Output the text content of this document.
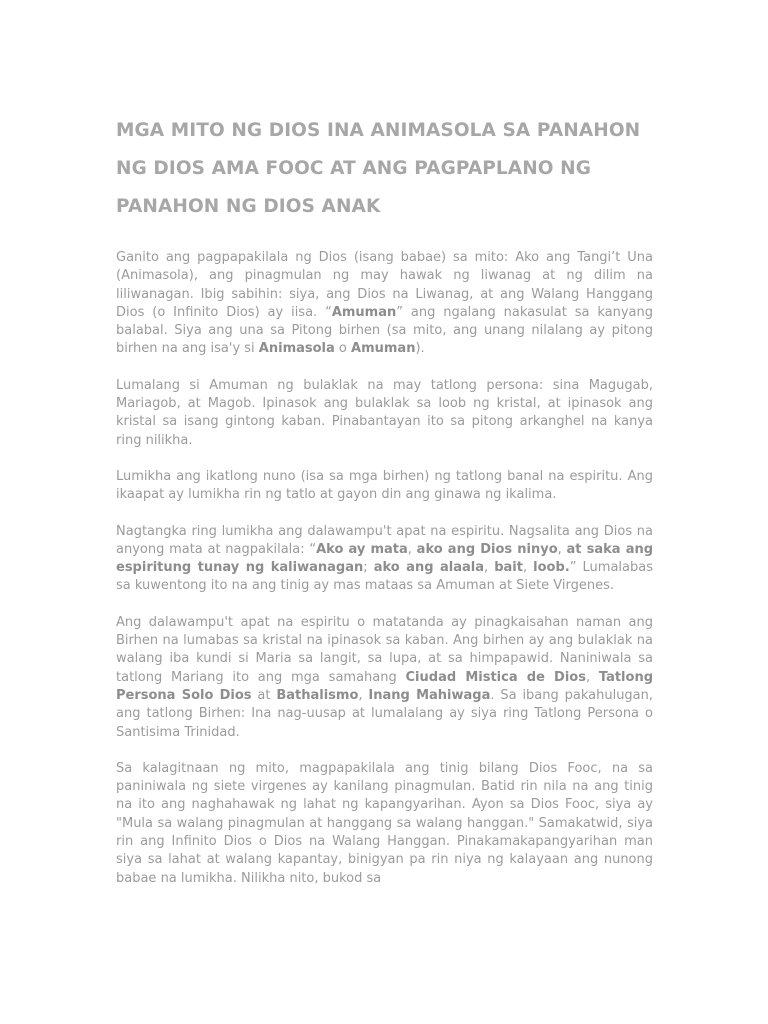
MGA MITO NG DIOS INA ANIMASOLA SA PANAHON NG DIOS AMA FOOC AT ANG PAGPAPLANO NG PANAHON NG DIOS ANAK

Ganito ang pagpapakilala ng Dios (isang babae) sa mito: Ako ang Tangi’t Una (Animasola), ang pinagmulan ng may hawak ng liwanag at ng dilim na liliwanagan. Ibig sabihin: siya, ang Dios na Liwanag, at ang Walang Hanggang Dios (o Infinito Dios) ay iisa. “Amuman” ang ngalang nakasulat sa kanyang balabal. Siya ang una sa Pitong birhen (sa mito, ang unang nilalang ay pitong birhen na ang isa'y si Animasola o Amuman).

Lumalang si Amuman ng bulaklak na may tatlong persona: sina Magugab, Mariagob, at Magob. Ipinasok ang bulaklak sa loob ng kristal, at ipinasok ang kristal sa isang gintong kaban. Pinabantayan ito sa pitong arkanghel na kanya ring nilikha.

Lumikha ang ikatlong nuno (isa sa mga birhen) ng tatlong banal na espiritu. Ang ikaapat ay lumikha rin ng tatlo at gayon din ang ginawa ng ikalima.

Nagtangka ring lumikha ang dalawampu't apat na espiritu. Nagsalita ang Dios na anyong mata at nagpakilala: “Ako ay mata, ako ang Dios ninyo, at saka ang espiritung tunay ng kaliwanagan; ako ang alaala, bait, loob.” Lumalabas sa kuwentong ito na ang tinig ay mas mataas sa Amuman at Siete Virgenes.

Ang dalawampu't apat na espiritu o matatanda ay pinagkaisahan naman ang Birhen na lumabas sa kristal na ipinasok sa kaban. Ang birhen ay ang bulaklak na walang iba kundi si Maria sa langit, sa lupa, at sa himpapawid. Naniniwala sa tatlong Mariang ito ang mga samahang Ciudad Mistica de Dios, Tatlong Persona Solo Dios at Bathalismo, Inang Mahiwaga. Sa ibang pakahulugan, ang tatlong Birhen: Ina nag-uusap at lumalalang ay siya ring Tatlong Persona o Santisima Trinidad.

Sa kalagitnaan ng mito, magpapakilala ang tinig bilang Dios Fooc, na sa paniniwala ng siete virgenes ay kanilang pinagmulan. Batid rin nila na ang tinig na ito ang naghahawak ng lahat ng kapangyarihan. Ayon sa Dios Fooc, siya ay "Mula sa walang pinagmulan at hanggang sa walang hanggan." Samakatwid, siya rin ang Infinito Dios o Dios na Walang Hanggan. Pinakamakapangyarihan man siya sa lahat at walang kapantay, binigyan pa rin niya ng kalayaan ang nunong babae na lumikha. Nilikha nito, bukod sa
